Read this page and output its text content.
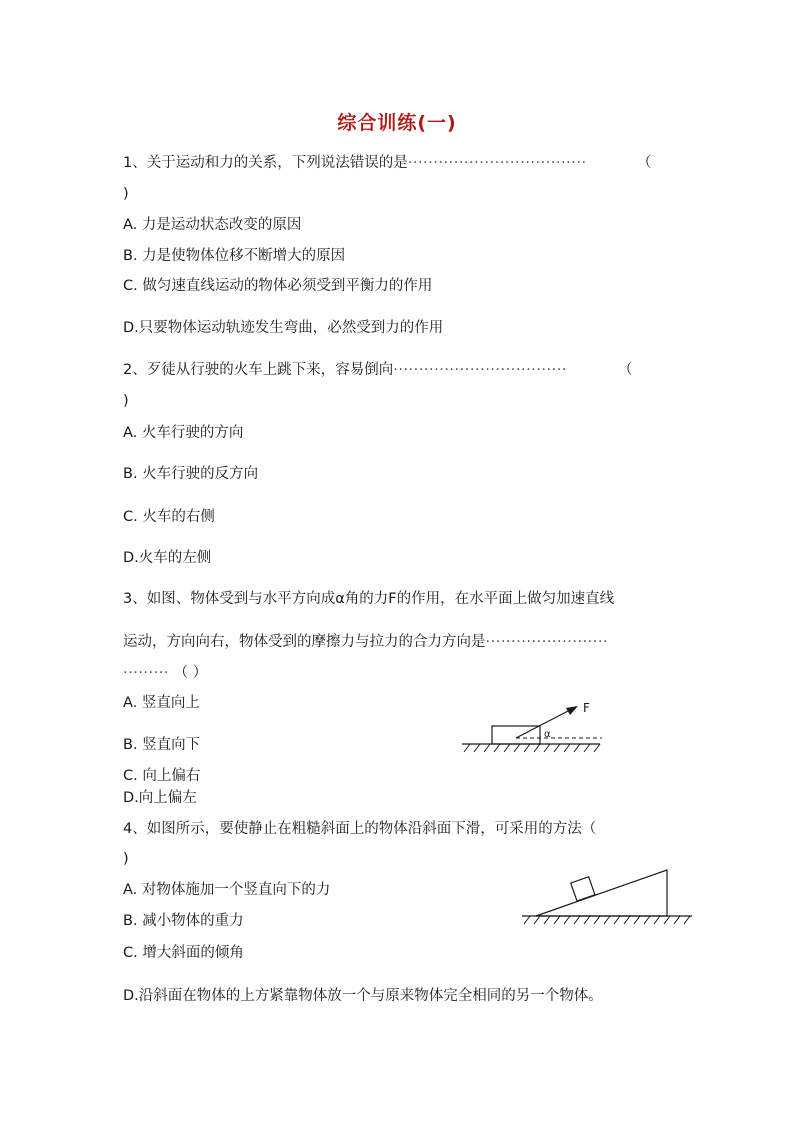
综合训练(一)
1、关于运动和力的关系，下列说法错误的是···································	（
)
A. 力是运动状态改变的原因
B. 力是使物体位移不断增大的原因
C. 做匀速直线运动的物体必须受到平衡力的作用
D.只要物体运动轨迹发生弯曲，必然受到力的作用
2、歹徒从行驶的火车上跳下来，容易倒向··································	（
)
A. 火车行驶的方向
B. 火车行驶的反方向
C. 火车的右侧
D.火车的左侧
3、如图、物体受到与水平方向成α角的力F的作用，在水平面上做匀加速直线
运动，方向向右，物体受到的摩擦力与拉力的合力方向是························
········· （ ）
A. 竖直向上
B. 竖直向下
C. 向上偏右
D.向上偏左
F
α
4、如图所示，要使静止在粗糙斜面上的物体沿斜面下滑，可采用的方法（
)
A. 对物体施加一个竖直向下的力
B. 减小物体的重力
C. 增大斜面的倾角
D.沿斜面在物体的上方紧靠物体放一个与原来物体完全相同的另一个物体。
